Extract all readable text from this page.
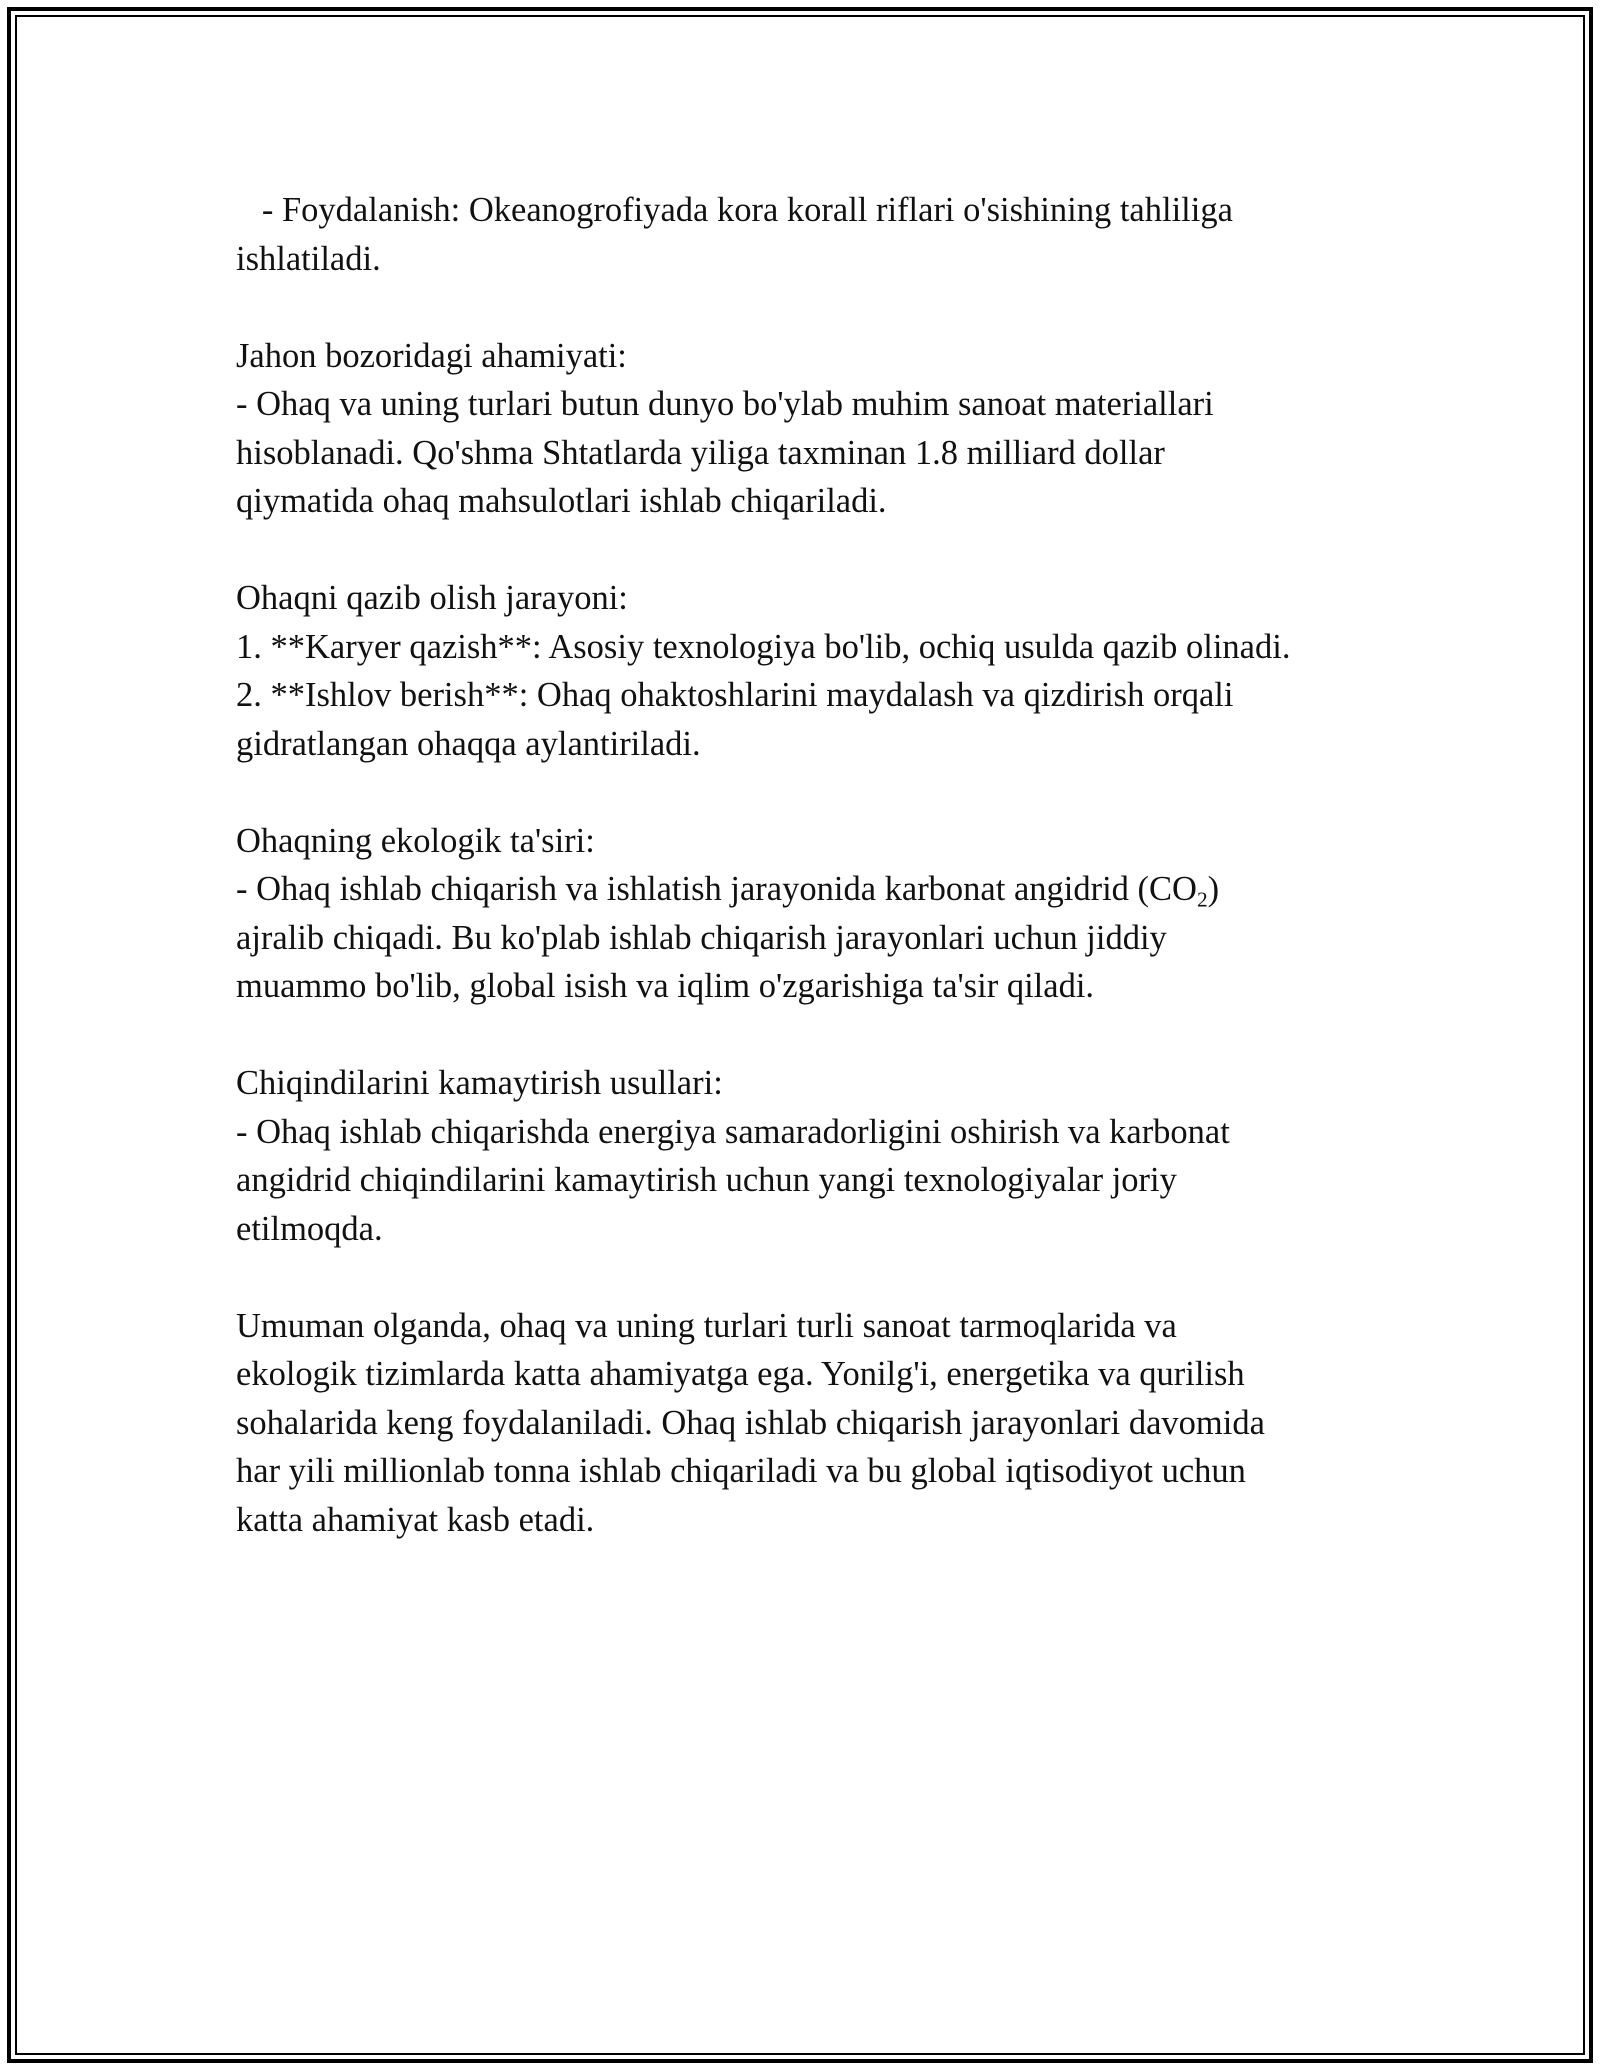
- Foydalanish: Okeanogrofiyada kora korall riflari o'sishining tahliliga
ishlatiladi.
Jahon bozoridagi ahamiyati:
- Ohaq va uning turlari butun dunyo bo'ylab muhim sanoat materiallari
hisoblanadi. Qo'shma Shtatlarda yiliga taxminan 1.8 milliard dollar
qiymatida ohaq mahsulotlari ishlab chiqariladi.
Ohaqni qazib olish jarayoni:
1. **Karyer qazish**: Asosiy texnologiya bo'lib, ochiq usulda qazib olinadi.
2. **Ishlov berish**: Ohaq ohaktoshlarini maydalash va qizdirish orqali
gidratlangan ohaqqa aylantiriladi.
Ohaqning ekologik ta'siri:
- Ohaq ishlab chiqarish va ishlatish jarayonida karbonat angidrid $(CO_2)$
ajralib chiqadi. Bu ko'plab ishlab chiqarish jarayonlari uchun jiddiy
muammo bo'lib, global isish va iqlim o'zgarishiga ta'sir qiladi.
Chiqindilarini kamaytirish usullari:
- Ohaq ishlab chiqarishda energiya samaradorligini oshirish va karbonat
angidrid chiqindilarini kamaytirish uchun yangi texnologiyalar joriy
etilmoqda.
Umuman olganda, ohaq va uning turlari turli sanoat tarmoqlarida va
ekologik tizimlarda katta ahamiyatga ega. Yonilg'i, energetika va qurilish
sohalarida keng foydalaniladi. Ohaq ishlab chiqarish jarayonlari davomida
har yili millionlab tonna ishlab chiqariladi va bu global iqtisodiyot uchun
katta ahamiyat kasb etadi.
